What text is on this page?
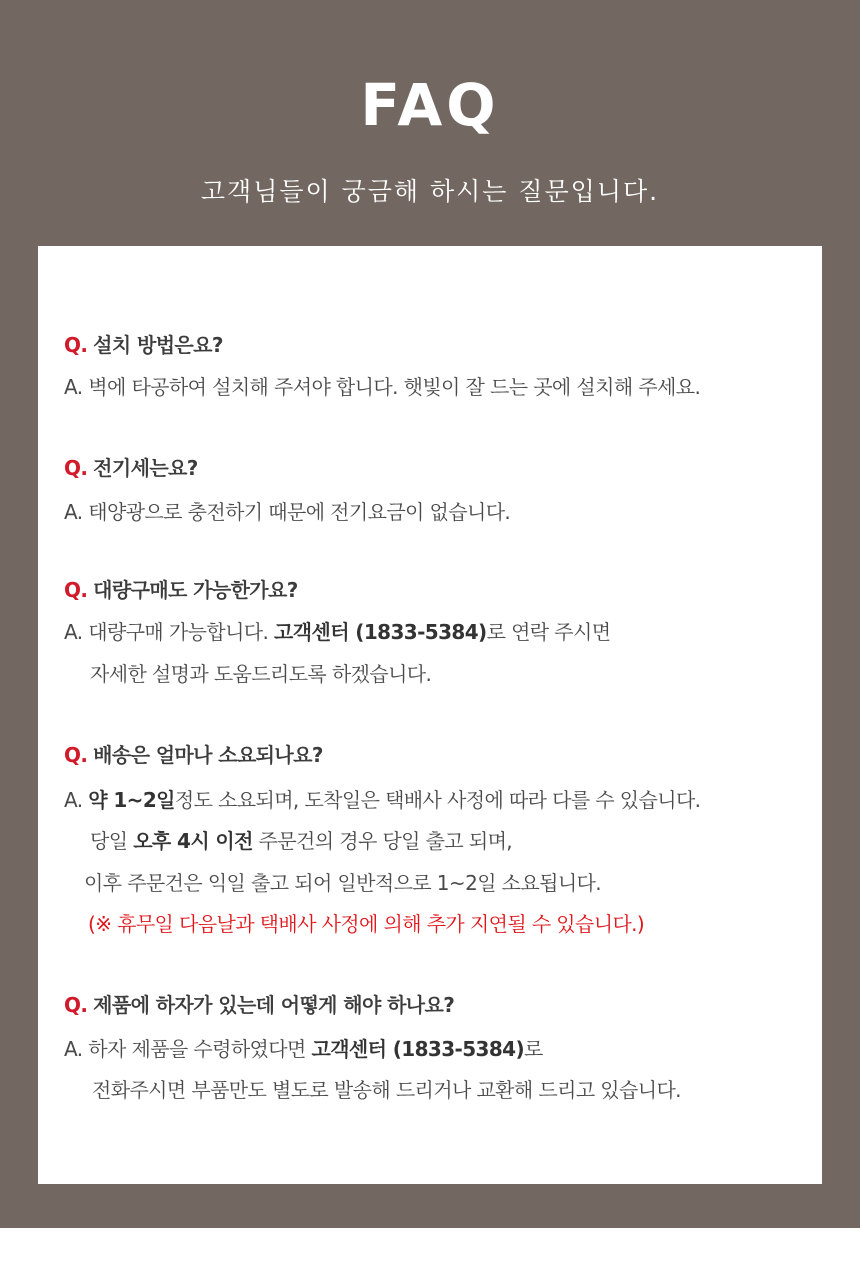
FAQ
고객님들이 궁금해 하시는 질문입니다.
Q. 설치 방법은요?
A. 벽에 타공하여 설치해 주셔야 합니다. 햇빛이 잘 드는 곳에 설치해 주세요.
Q. 전기세는요?
A. 태양광으로 충전하기 때문에 전기요금이 없습니다.
Q. 대량구매도 가능한가요?
A. 대량구매 가능합니다. 고객센터 (1833-5384)로 연락 주시면
자세한 설명과 도움드리도록 하겠습니다.
Q. 배송은 얼마나 소요되나요?
A. 약 1~2일정도 소요되며, 도착일은 택배사 사정에 따라 다를 수 있습니다.
당일 오후 4시 이전 주문건의 경우 당일 출고 되며,
이후 주문건은 익일 출고 되어 일반적으로 1~2일 소요됩니다.
(※ 휴무일 다음날과 택배사 사정에 의해 추가 지연될 수 있습니다.)
Q. 제품에 하자가 있는데 어떻게 해야 하나요?
A. 하자 제품을 수령하였다면 고객센터 (1833-5384)로
전화주시면 부품만도 별도로 발송해 드리거나 교환해 드리고 있습니다.
